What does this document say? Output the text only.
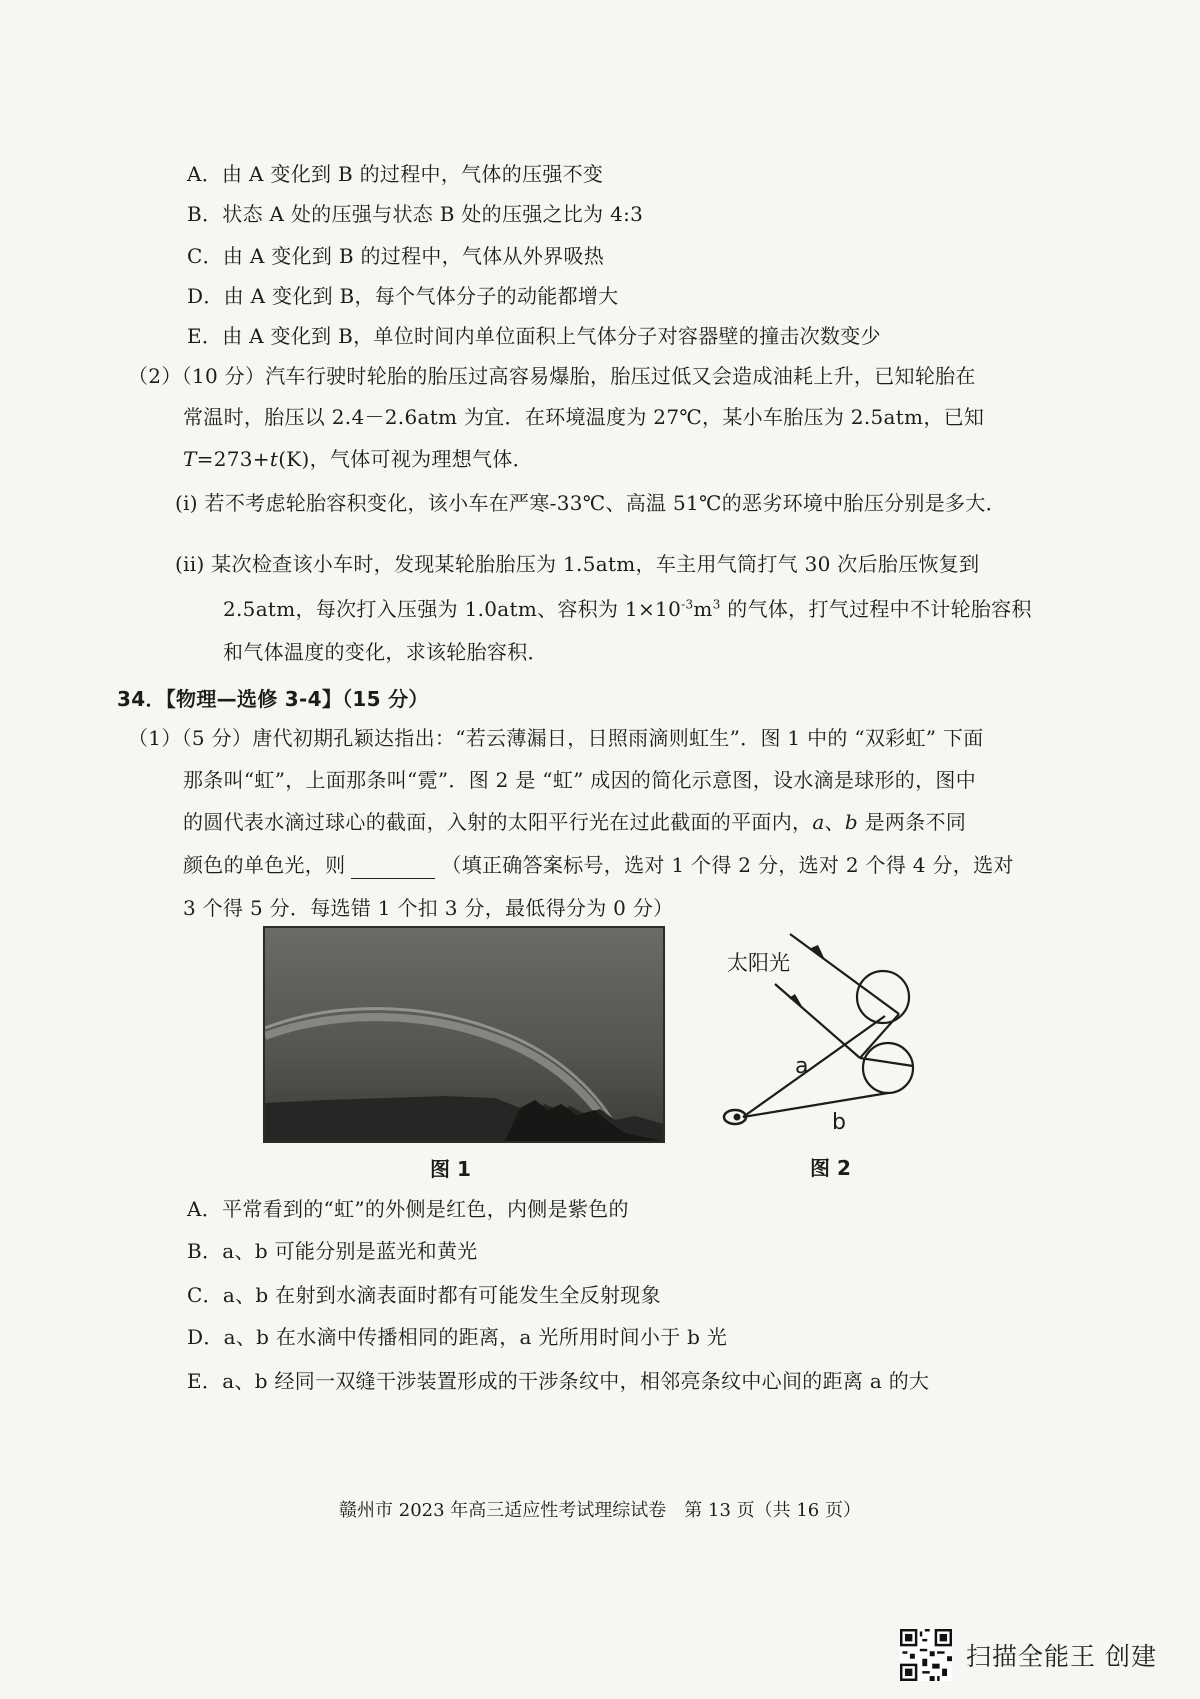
A．由 A 变化到 B 的过程中，气体的压强不变
B．状态 A 处的压强与状态 B 处的压强之比为 4:3
C．由 A 变化到 B 的过程中，气体从外界吸热
D．由 A 变化到 B，每个气体分子的动能都增大
E．由 A 变化到 B，单位时间内单位面积上气体分子对容器壁的撞击次数变少
（2）（10 分）汽车行驶时轮胎的胎压过高容易爆胎，胎压过低又会造成油耗上升，已知轮胎在
常温时，胎压以 2.4－2.6atm 为宜．在环境温度为 27℃，某小车胎压为 2.5atm，已知
T=273+t(K)，气体可视为理想气体．
(i) 若不考虑轮胎容积变化，该小车在严寒-33℃、高温 51℃的恶劣环境中胎压分别是多大．
(ii) 某次检查该小车时，发现某轮胎胎压为 1.5atm，车主用气筒打气 30 次后胎压恢复到
2.5atm，每次打入压强为 1.0atm、容积为 $1\times 10^{-3}m^3$ 的气体，打气过程中不计轮胎容积
和气体温度的变化，求该轮胎容积．
34．【物理—选修 3-4】（15 分）
（1）（5 分）唐代初期孔颖达指出：“若云薄漏日，日照雨滴则虹生”．图 1 中的 “双彩虹” 下面
那条叫“虹”，上面那条叫“霓”．图 2 是 “虹” 成因的简化示意图，设水滴是球形的，图中
的圆代表水滴过球心的截面，入射的太阳平行光在过此截面的平面内，a、b 是两条不同
颜色的单色光，则	（填正确答案标号，选对 1 个得 2 分，选对 2 个得 4 分，选对
3 个得 5 分．每选错 1 个扣 3 分，最低得分为 0 分）
图 1
太阳光
a
b
图 2
A．平常看到的“虹”的外侧是红色，内侧是紫色的
B．a、b 可能分别是蓝光和黄光
C．a、b 在射到水滴表面时都有可能发生全反射现象
D．a、b 在水滴中传播相同的距离，a 光所用时间小于 b 光
E．a、b 经同一双缝干涉装置形成的干涉条纹中，相邻亮条纹中心间的距离 a 的大
赣州市 2023 年高三适应性考试理综试卷　第 13 页（共 16 页）
扫描全能王 创建
